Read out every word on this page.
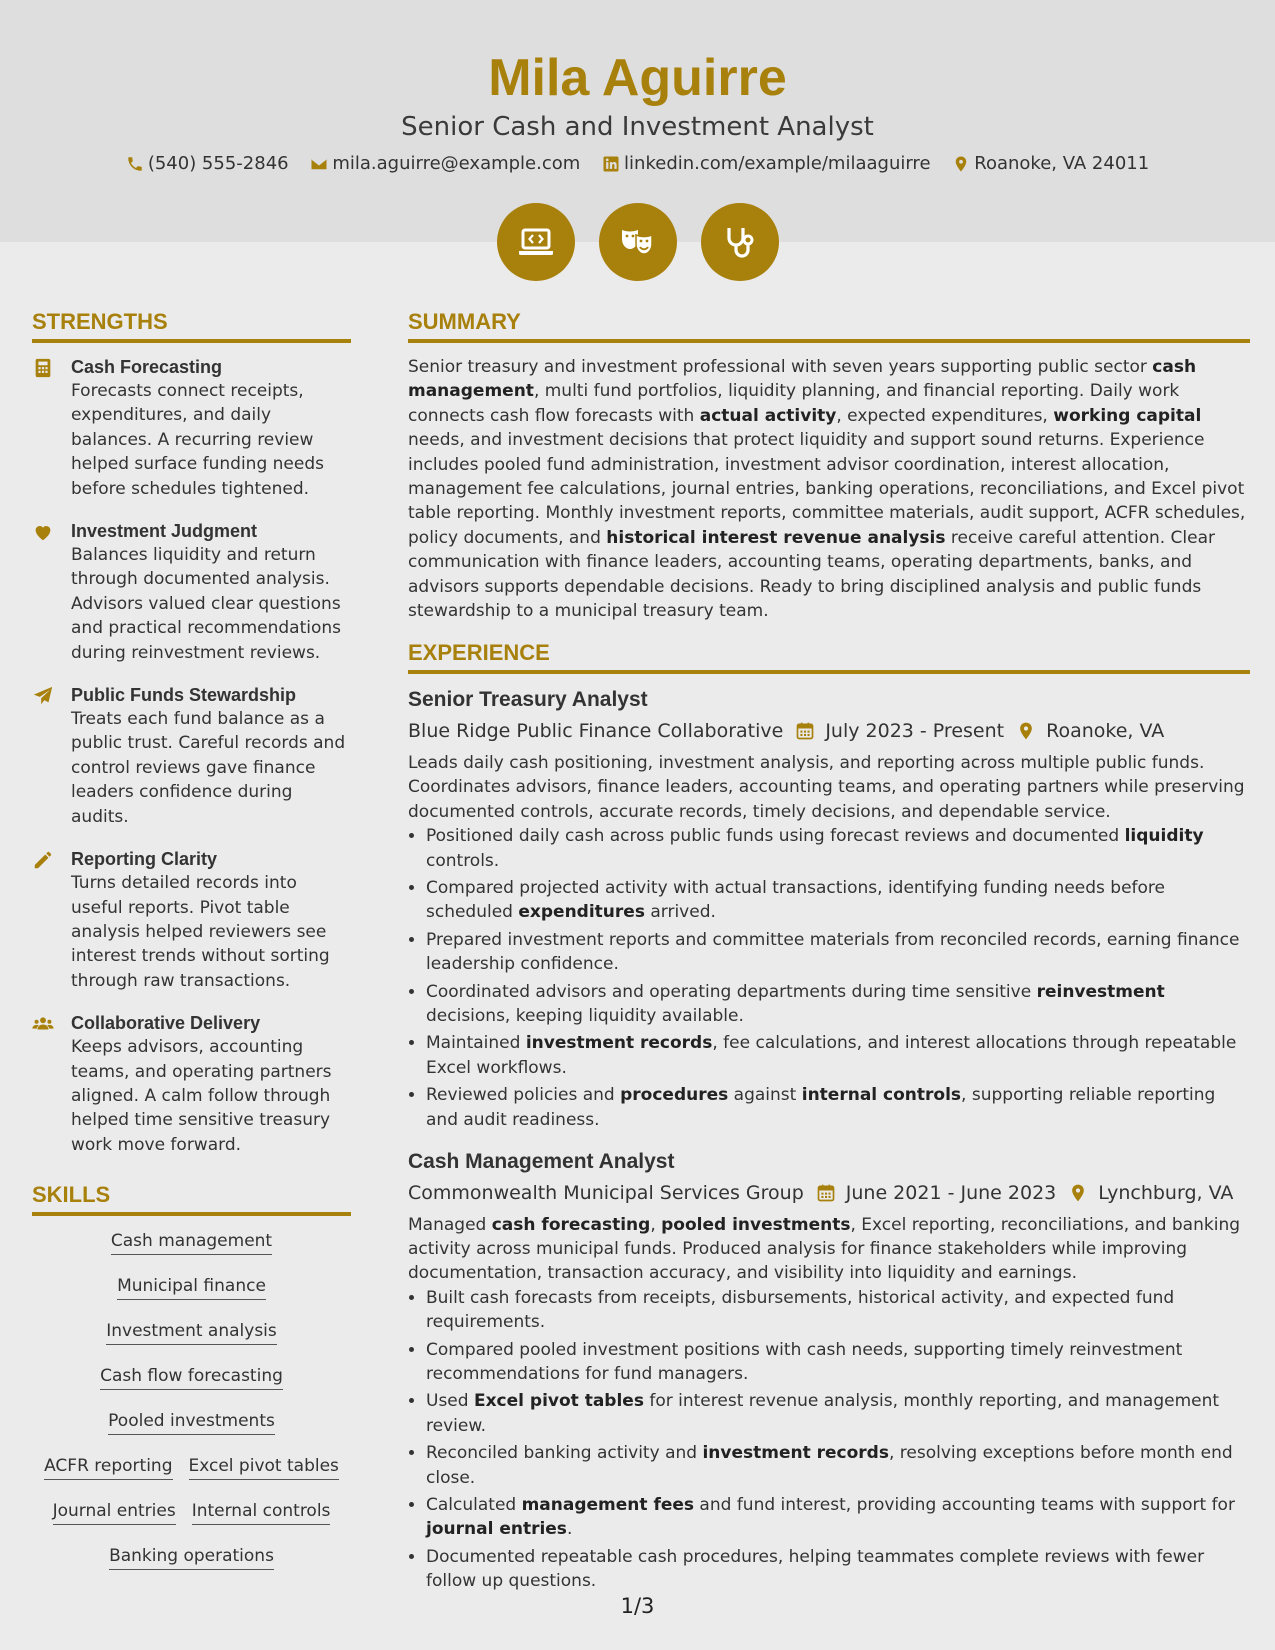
Mila Aguirre
Senior Cash and Investment Analyst
(540) 555-2846
mila.aguirre@example.com
linkedin.com/example/milaaguirre
Roanoke, VA 24011

STRENGTHS
Cash Forecasting
Forecasts connect receipts, expenditures, and daily balances. A recurring review helped surface funding needs before schedules tightened.
Investment Judgment
Balances liquidity and return through documented analysis. Advisors valued clear questions and practical recommendations during reinvestment reviews.
Public Funds Stewardship
Treats each fund balance as a public trust. Careful records and control reviews gave finance leaders confidence during audits.
Reporting Clarity
Turns detailed records into useful reports. Pivot table analysis helped reviewers see interest trends without sorting through raw transactions.
Collaborative Delivery
Keeps advisors, accounting teams, and operating partners aligned. A calm follow through helped time sensitive treasury work move forward.
SKILLS
Cash management
Municipal finance
Investment analysis
Cash flow forecasting
Pooled investments
ACFR reporting Excel pivot tables
Journal entries Internal controls
Banking operations
SUMMARY
Senior treasury and investment professional with seven years supporting public sector cash management, multi fund portfolios, liquidity planning, and financial reporting. Daily work connects cash flow forecasts with actual activity, expected expenditures, working capital needs, and investment decisions that protect liquidity and support sound returns. Experience includes pooled fund administration, investment advisor coordination, interest allocation, management fee calculations, journal entries, banking operations, reconciliations, and Excel pivot table reporting. Monthly investment reports, committee materials, audit support, ACFR schedules, policy documents, and historical interest revenue analysis receive careful attention. Clear communication with finance leaders, accounting teams, operating departments, banks, and advisors supports dependable decisions. Ready to bring disciplined analysis and public funds stewardship to a municipal treasury team.
EXPERIENCE
Senior Treasury Analyst
Blue Ridge Public Finance Collaborative July 2023 - Present Roanoke, VA
Leads daily cash positioning, investment analysis, and reporting across multiple public funds. Coordinates advisors, finance leaders, accounting teams, and operating partners while preserving documented controls, accurate records, timely decisions, and dependable service.
• Positioned daily cash across public funds using forecast reviews and documented liquidity controls.
• Compared projected activity with actual transactions, identifying funding needs before scheduled expenditures arrived.
• Prepared investment reports and committee materials from reconciled records, earning finance leadership confidence.
• Coordinated advisors and operating departments during time sensitive reinvestment decisions, keeping liquidity available.
• Maintained investment records, fee calculations, and interest allocations through repeatable Excel workflows.
• Reviewed policies and procedures against internal controls, supporting reliable reporting and audit readiness.
Cash Management Analyst
Commonwealth Municipal Services Group June 2021 - June 2023 Lynchburg, VA
Managed cash forecasting, pooled investments, Excel reporting, reconciliations, and banking activity across municipal funds. Produced analysis for finance stakeholders while improving documentation, transaction accuracy, and visibility into liquidity and earnings.
• Built cash forecasts from receipts, disbursements, historical activity, and expected fund requirements.
• Compared pooled investment positions with cash needs, supporting timely reinvestment recommendations for fund managers.
• Used Excel pivot tables for interest revenue analysis, monthly reporting, and management review.
• Reconciled banking activity and investment records, resolving exceptions before month end close.
• Calculated management fees and fund interest, providing accounting teams with support for journal entries.
• Documented repeatable cash procedures, helping teammates complete reviews with fewer follow up questions.
1/3
